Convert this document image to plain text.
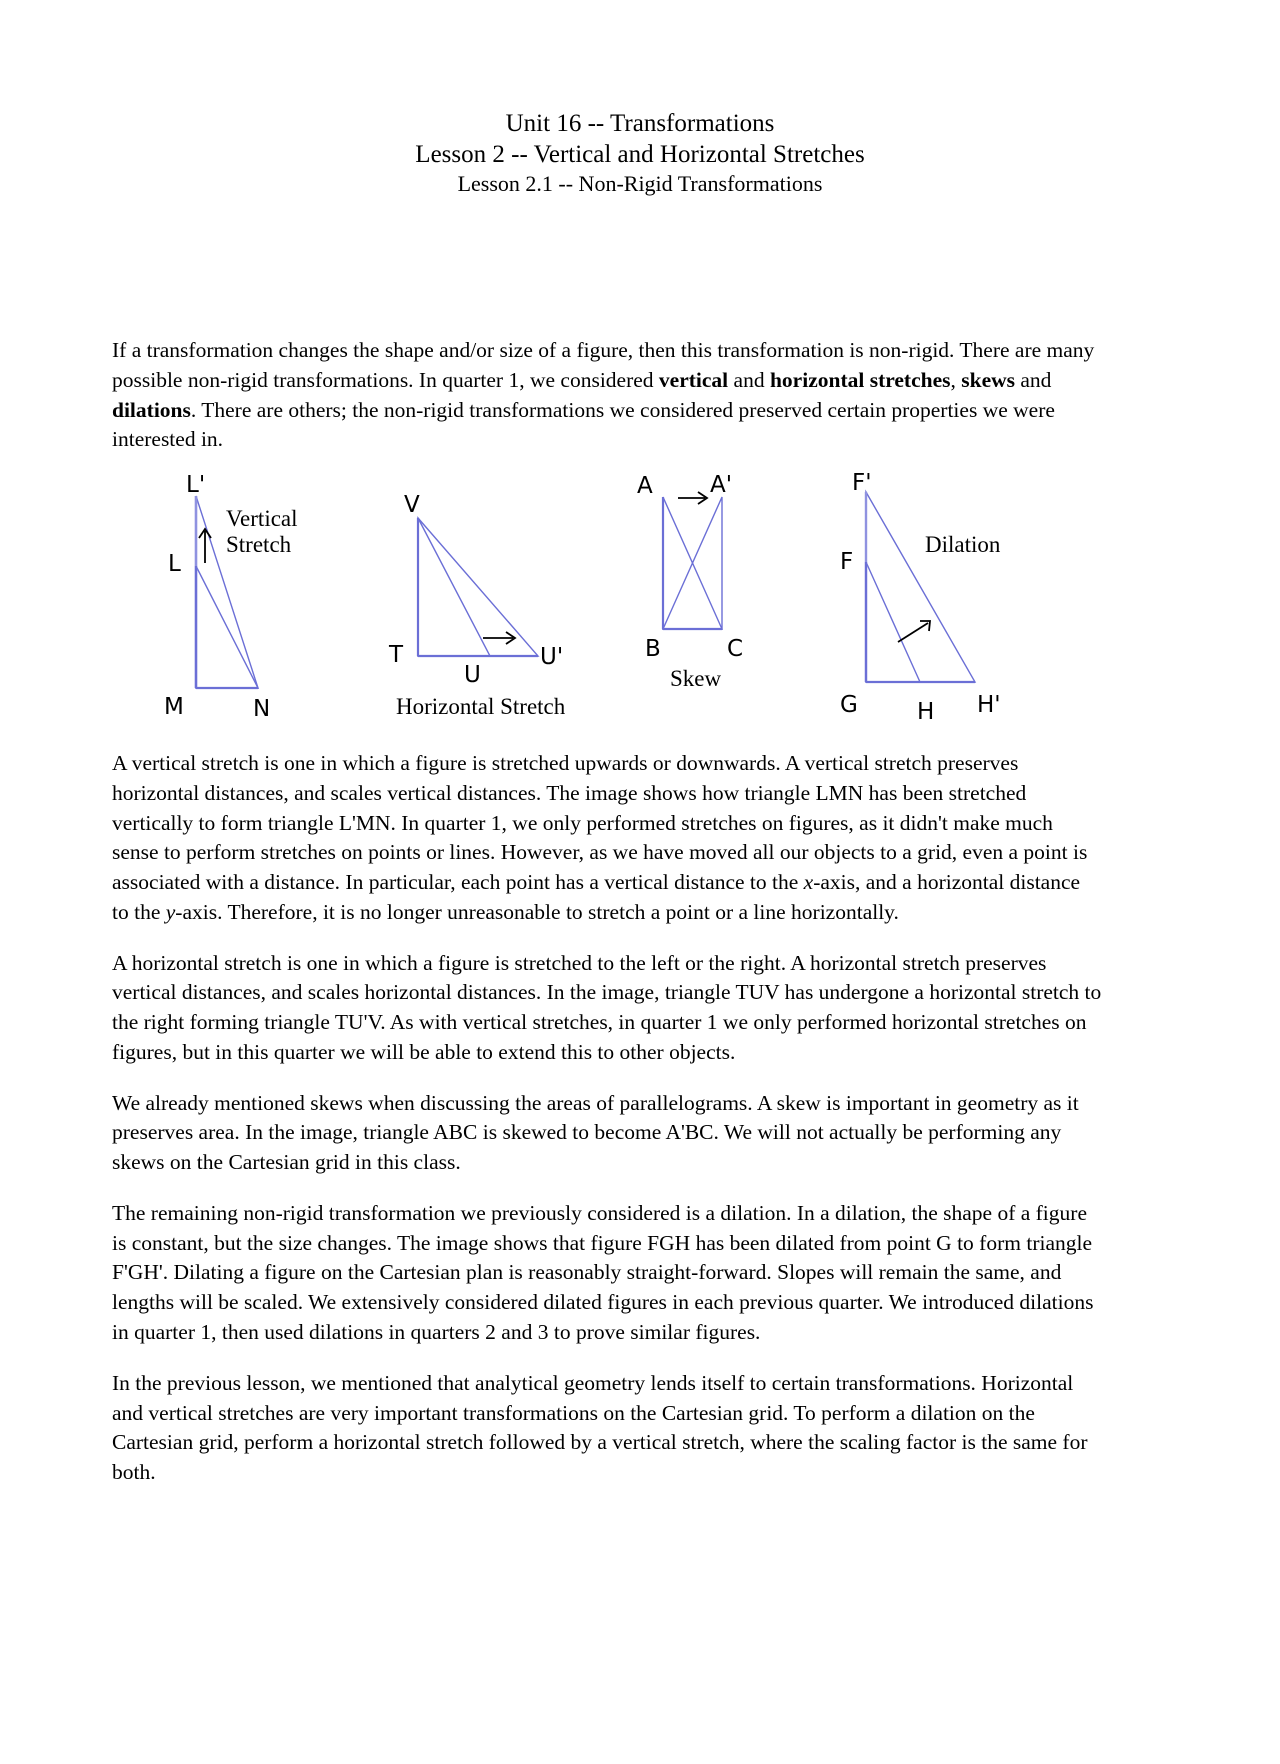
Unit 16 -- Transformations
Lesson 2 -- Vertical and Horizontal Stretches
Lesson 2.1 -- Non-Rigid Transformations

If a transformation changes the shape and/or size of a figure, then this transformation is non-rigid. There are many possible non-rigid transformations. In quarter 1, we considered vertical and horizontal stretches, skews and dilations. There are others; the non-rigid transformations we considered preserved certain properties we were interested in.

L'
L
M	N
Vertical
Stretch
V
T
U
U'
Horizontal Stretch
A A'
B	C
Skew
F'
F
G	H H'
Dilation

A vertical stretch is one in which a figure is stretched upwards or downwards. A vertical stretch preserves horizontal distances, and scales vertical distances. The image shows how triangle LMN has been stretched vertically to form triangle L'MN. In quarter 1, we only performed stretches on figures, as it didn't make much sense to perform stretches on points or lines. However, as we have moved all our objects to a grid, even a point is associated with a distance. In particular, each point has a vertical distance to the x-axis, and a horizontal distance to the y-axis. Therefore, it is no longer unreasonable to stretch a point or a line horizontally.

A horizontal stretch is one in which a figure is stretched to the left or the right. A horizontal stretch preserves vertical distances, and scales horizontal distances. In the image, triangle TUV has undergone a horizontal stretch to the right forming triangle TU'V. As with vertical stretches, in quarter 1 we only performed horizontal stretches on figures, but in this quarter we will be able to extend this to other objects.

We already mentioned skews when discussing the areas of parallelograms. A skew is important in geometry as it preserves area. In the image, triangle ABC is skewed to become A'BC. We will not actually be performing any skews on the Cartesian grid in this class.

The remaining non-rigid transformation we previously considered is a dilation. In a dilation, the shape of a figure is constant, but the size changes. The image shows that figure FGH has been dilated from point G to form triangle F'GH'. Dilating a figure on the Cartesian plan is reasonably straight-forward. Slopes will remain the same, and lengths will be scaled. We extensively considered dilated figures in each previous quarter. We introduced dilations in quarter 1, then used dilations in quarters 2 and 3 to prove similar figures.

In the previous lesson, we mentioned that analytical geometry lends itself to certain transformations. Horizontal and vertical stretches are very important transformations on the Cartesian grid. To perform a dilation on the Cartesian grid, perform a horizontal stretch followed by a vertical stretch, where the scaling factor is the same for both.
